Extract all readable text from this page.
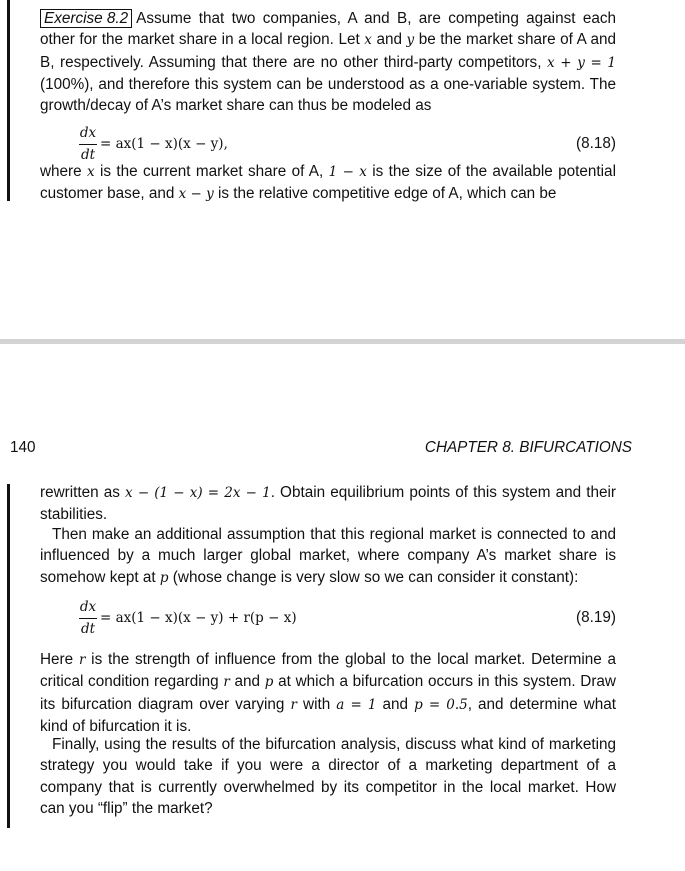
Exercise 8.2 Assume that two companies, A and B, are competing against each other for the market share in a local region. Let x and y be the market share of A and B, respectively. Assuming that there are no other third-party competitors, x + y = 1 (100%), and therefore this system can be understood as a one-variable system. The growth/decay of A’s market share can thus be modeled as
dx
dt
= ax(1 − x)(x − y),	(8.18)
where x is the current market share of A, 1 − x is the size of the available potential customer base, and x − y is the relative competitive edge of A, which can be
140	CHAPTER 8. BIFURCATIONS
rewritten as x − (1 − x) = 2x − 1. Obtain equilibrium points of this system and their stabilities.
Then make an additional assumption that this regional market is connected to and influenced by a much larger global market, where company A’s market share is somehow kept at p (whose change is very slow so we can consider it constant):
dx
dt
= ax(1 − x)(x − y) + r(p − x)	(8.19)
Here r is the strength of influence from the global to the local market. Determine a critical condition regarding r and p at which a bifurcation occurs in this system. Draw its bifurcation diagram over varying r with a = 1 and p = 0.5, and determine what kind of bifurcation it is.
Finally, using the results of the bifurcation analysis, discuss what kind of marketing strategy you would take if you were a director of a marketing department of a company that is currently overwhelmed by its competitor in the local market. How can you “flip” the market?
